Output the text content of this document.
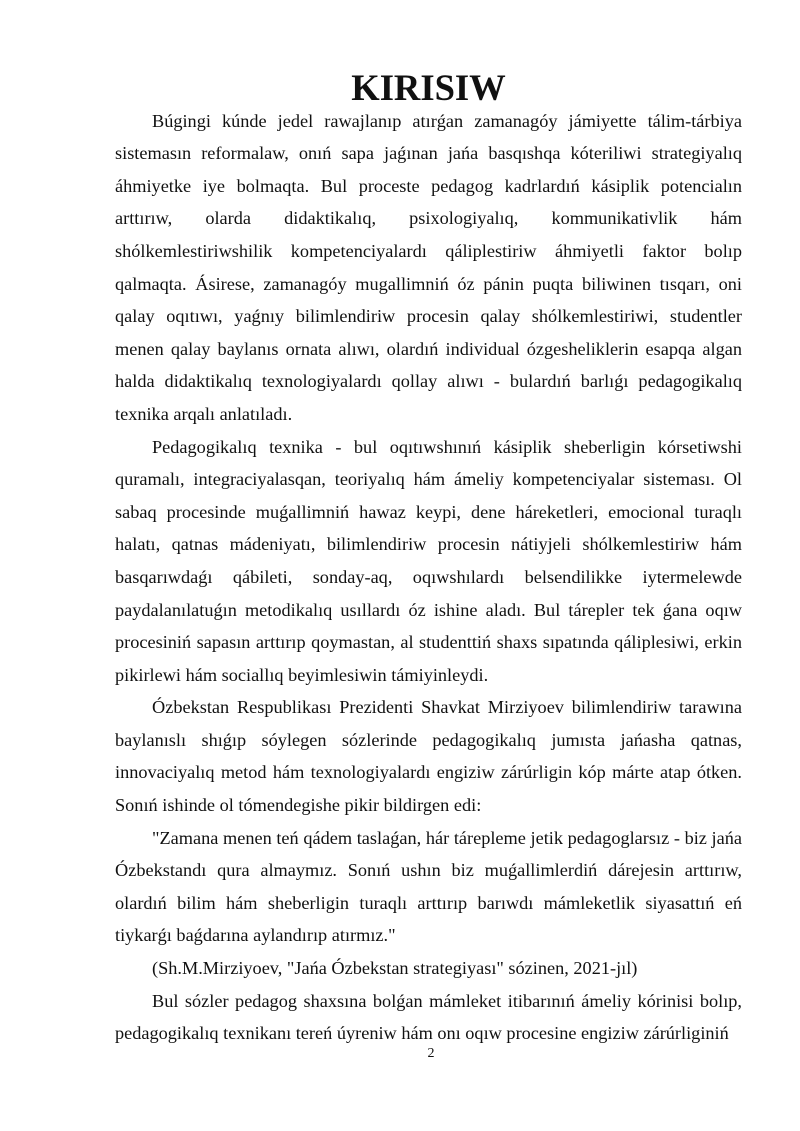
KIRISIW

Búgingi kúnde jedel rawajlanıp atırǵan zamanagóy jámiyette tálim-tárbiya sistemasın reformalaw, onıń sapa jaǵınan jańa basqıshqa kóteriliwi strategiyalıq áhmiyetke iye bolmaqta. Bul proceste pedagog kadrlardıń kásiplik potencialın arttırıw, olarda didaktikalıq, psixologiyalıq, kommunikativlik hám shólkemlestiriwshilik kompetenciyalardı qáliplestiriw áhmiyetli faktor bolıp qalmaqta. Ásirese, zamanagóy mugallimniń óz pánin puqta biliwinen tısqarı, oni qalay oqıtıwı, yaǵnıy bilimlendiriw procesin qalay shólkemlestiriwi, studentler menen qalay baylanıs ornata alıwı, olardıń individual ózgesheliklerin esapqa algan halda didaktikalıq texnologiyalardı qollay alıwı - bulardıń barlıǵı pedagogikalıq texnika arqalı anlatıladı.

Pedagogikalıq texnika - bul oqıtıwshınıń kásiplik sheberligin kórsetiwshi quramalı, integraciyalasqan, teoriyalıq hám ámeliy kompetenciyalar sisteması. Ol sabaq procesinde muǵallimniń hawaz keypi, dene háreketleri, emocional turaqlı halatı, qatnas mádeniyatı, bilimlendiriw procesin nátiyjeli shólkemlestiriw hám basqarıwdaǵı qábileti, sonday-aq, oqıwshılardı belsendilikke iytermelewde paydalanılatuǵın metodikalıq usıllardı óz ishine aladı. Bul tárepler tek ǵana oqıw procesiniń sapasın arttırıp qoymastan, al studenttiń shaxs sıpatında qáliplesiwi, erkin pikirlewi hám sociallıq beyimlesiwin támiyinleydi.

Ózbekstan Respublikası Prezidenti Shavkat Mirziyoev bilimlendiriw tarawına baylanıslı shıǵıp sóylegen sózlerinde pedagogikalıq jumısta jańasha qatnas, innovaciyalıq metod hám texnologiyalardı engiziw zárúrligin kóp márte atap ótken. Sonıń ishinde ol tómendegishe pikir bildirgen edi:

"Zamana menen teń qádem taslaǵan, hár tárepleme jetik pedagoglarsız - biz jańa Ózbekstandı qura almaymız. Sonıń ushın biz muǵallimlerdiń dárejesin arttırıw, olardıń bilim hám sheberligin turaqlı arttırıp barıwdı mámleketlik siyasattıń eń tiykarǵı baǵdarına aylandırıp atırmız."

(Sh.M.Mirziyoev, "Jańa Ózbekstan strategiyası" sózinen, 2021-jıl)

Bul sózler pedagog shaxsına bolǵan mámleket itibarınıń ámeliy kórinisi bolıp, pedagogikalıq texnikanı tereń úyreniw hám onı oqıw procesine engiziw zárúrliginiń

2
